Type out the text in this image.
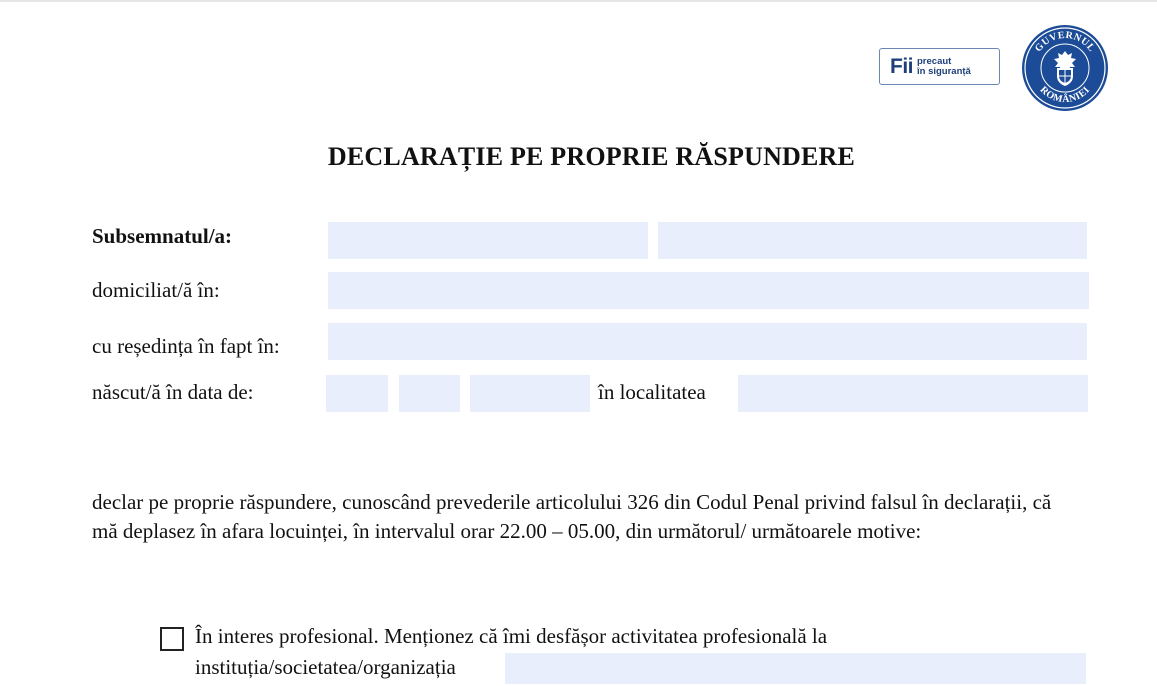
Fii precaut
în siguranță
GUVERNUL
ROMÂNIEI
DECLARAȚIE PE PROPRIE RĂSPUNDERE
Subsemnatul/a:
domiciliat/ă în:
cu reședința în fapt în:
născut/ă în data de:	în localitatea
declar pe proprie răspundere, cunoscând prevederile articolului 326 din Codul Penal privind falsul în declarații, că mă deplasez în afara locuinței, în intervalul orar 22.00 – 05.00, din următorul/ următoarele motive:
În interes profesional. Menționez că îmi desfășor activitatea profesională la
instituția/societatea/organizația
